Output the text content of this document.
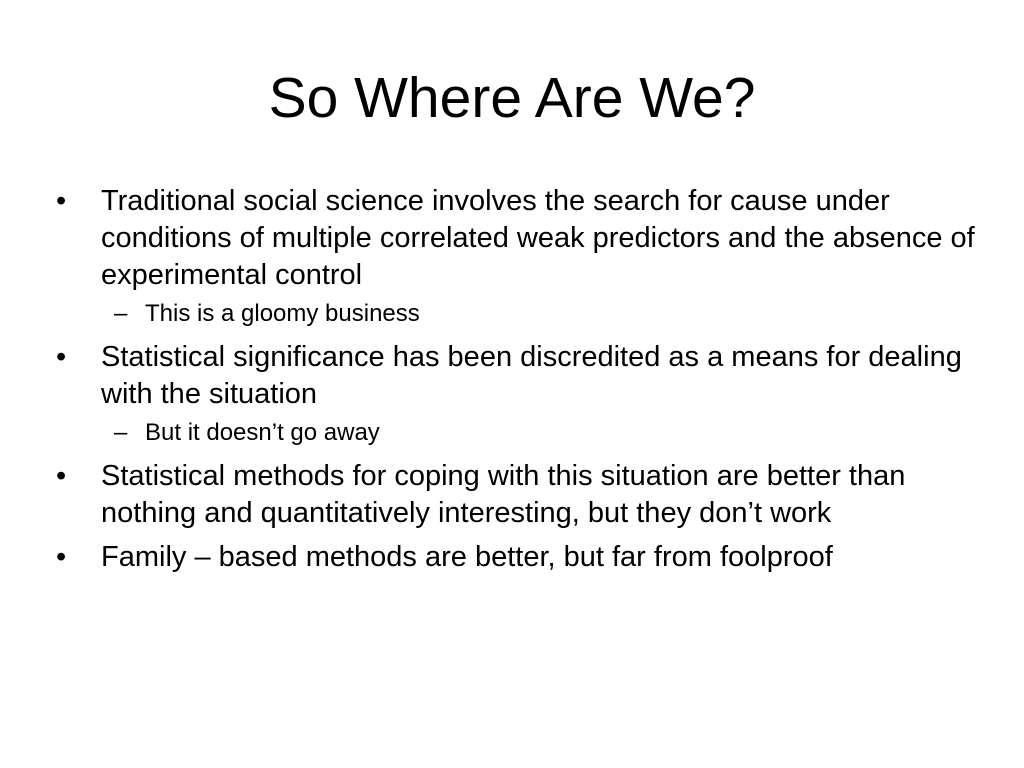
So Where Are We?
•	Traditional social science involves the search for cause under conditions of multiple correlated weak predictors and the absence of experimental control
– This is a gloomy business
•	Statistical significance has been discredited as a means for dealing with the situation
– But it doesn’t go away
•	Statistical methods for coping with this situation are better than nothing and quantitatively interesting, but they don’t work
•	Family – based methods are better, but far from foolproof
